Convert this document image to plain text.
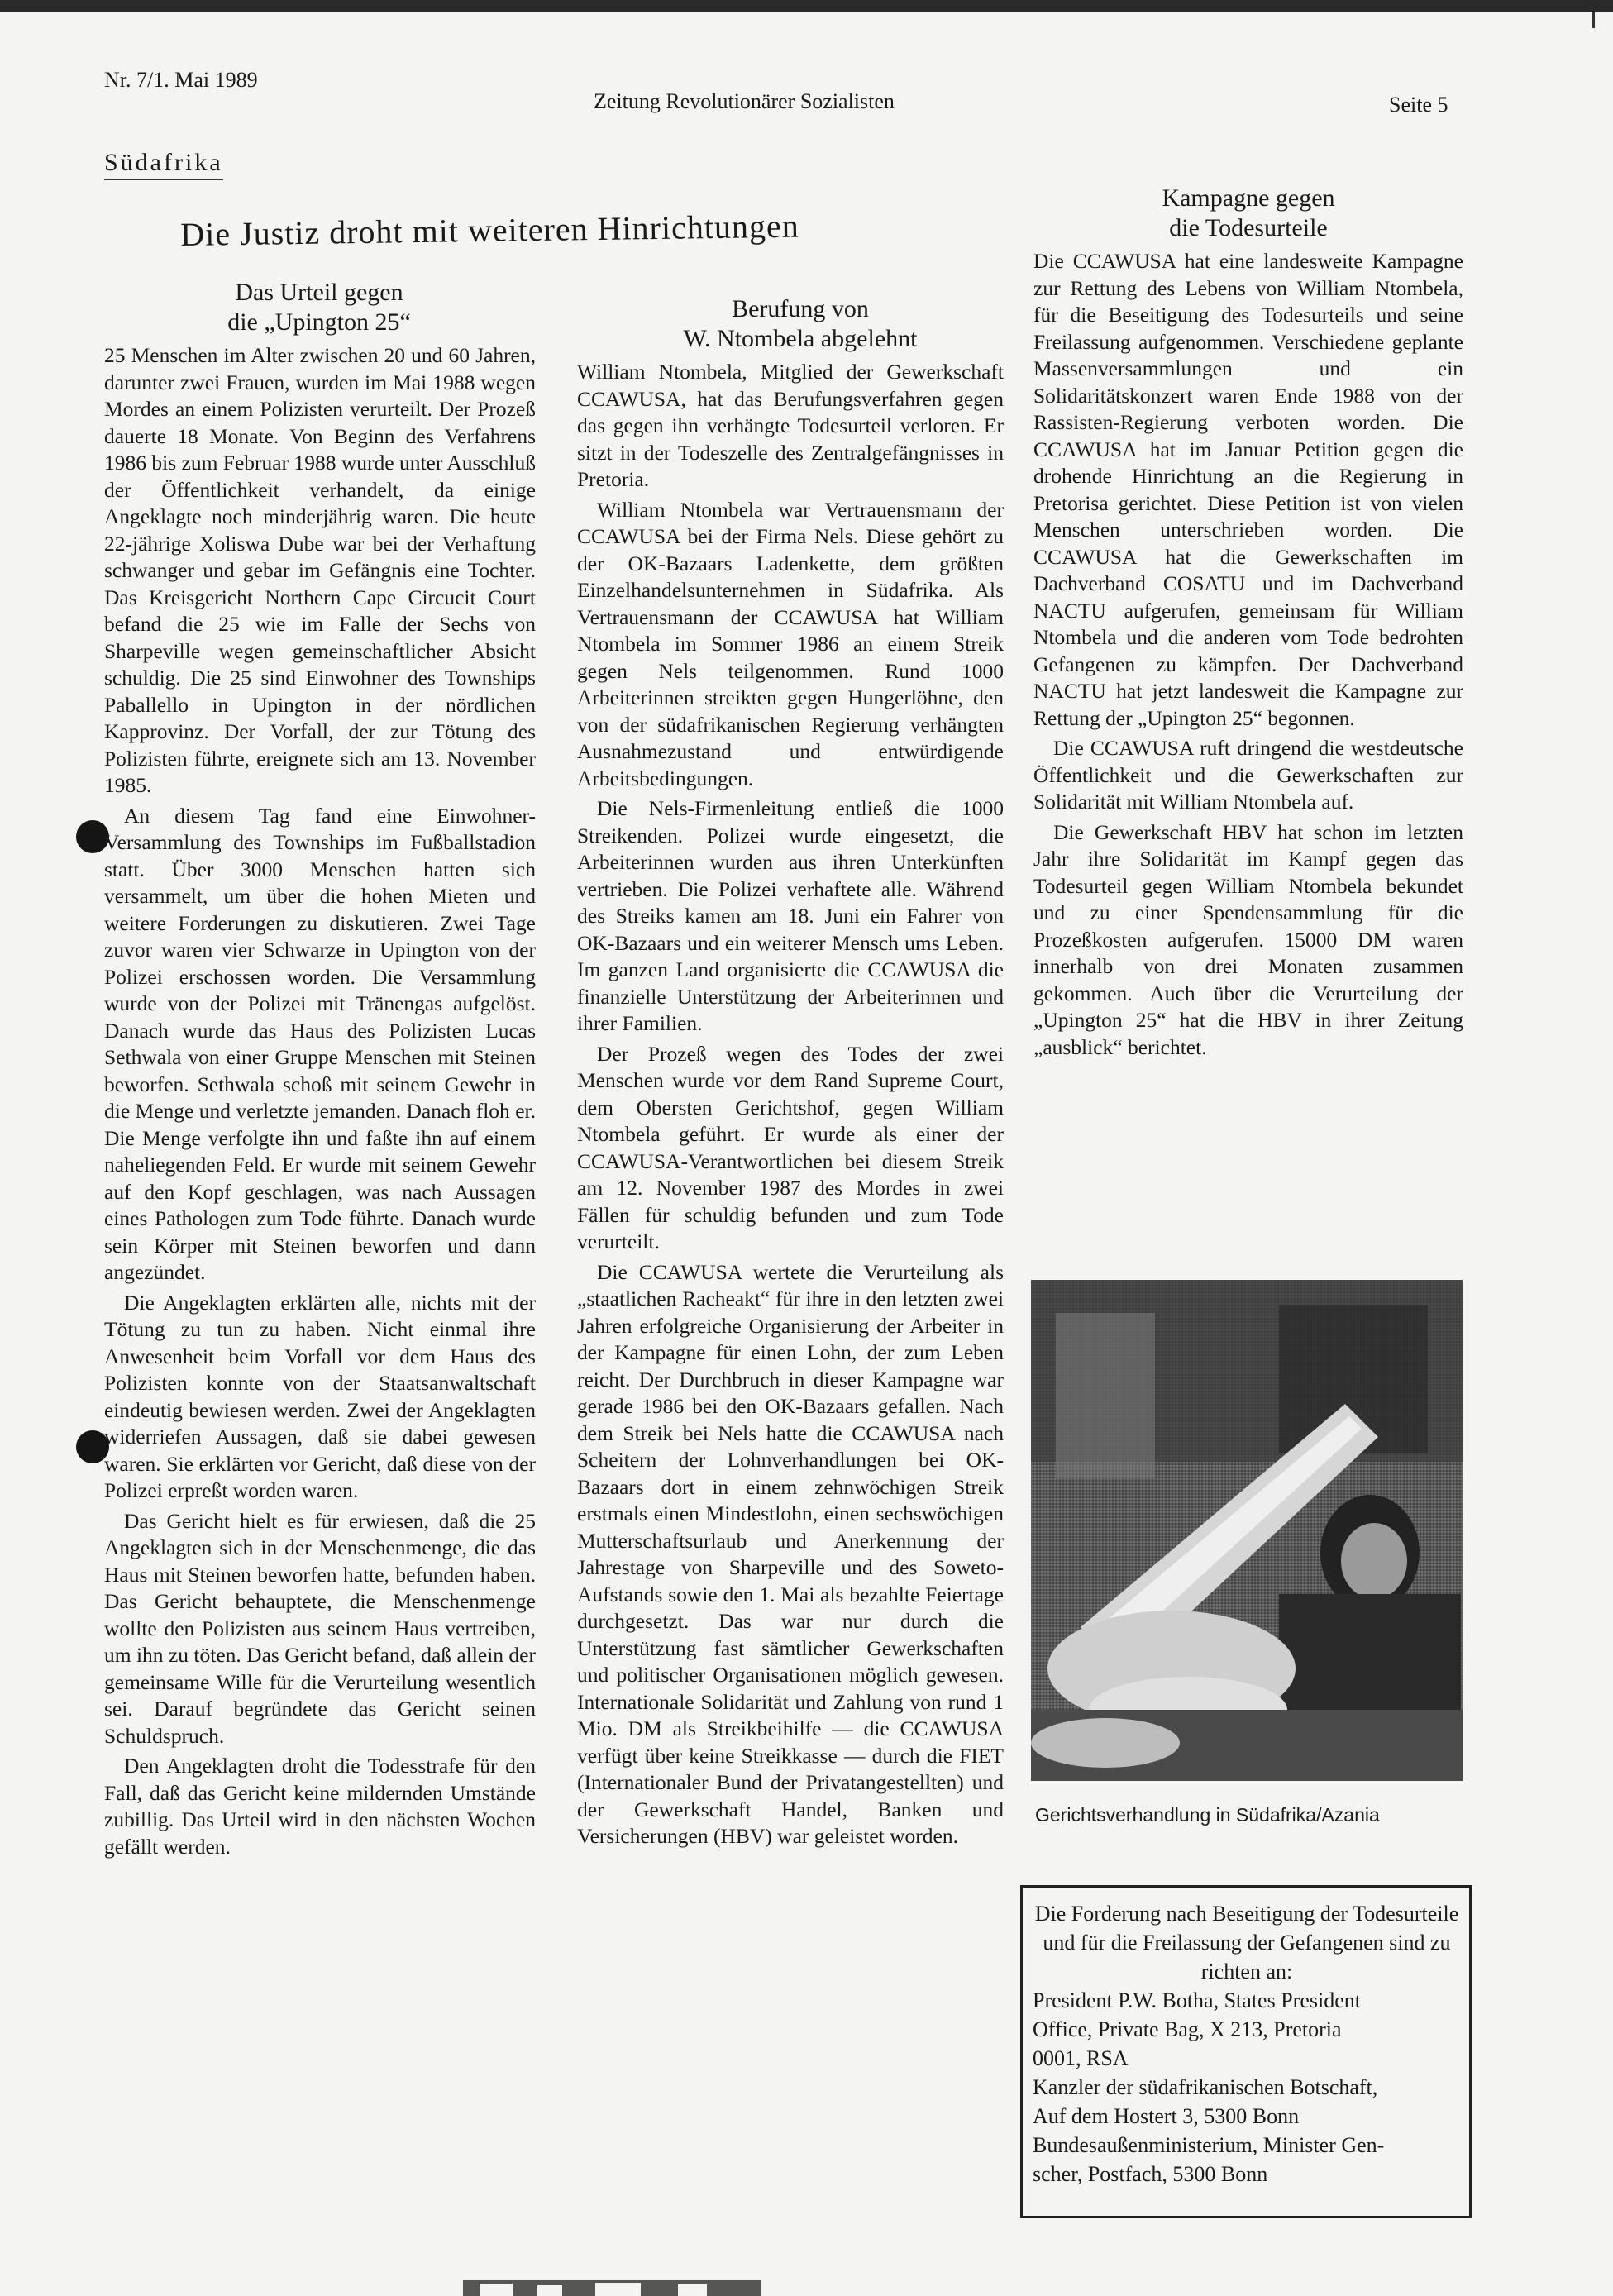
Nr. 7/1. Mai 1989
Zeitung Revolutionärer Sozialisten	Seite 5
Südafrika
Die Justiz droht mit weiteren Hinrichtungen
Das Urteil gegen
die „Upington 25“

25 Menschen im Alter zwischen 20 und 60 Jahren, darunter zwei Frauen, wurden im Mai 1988 wegen Mordes an einem Polizisten verurteilt. Der Prozeß dauerte 18 Monate. Von Beginn des Verfahrens 1986 bis zum Februar 1988 wurde unter Ausschluß der Öffentlichkeit verhandelt, da einige Angeklagte noch minderjährig waren. Die heute 22-jährige Xoliswa Dube war bei der Verhaftung schwanger und gebar im Gefängnis eine Tochter. Das Kreisgericht Northern Cape Circucit Court befand die 25 wie im Falle der Sechs von Sharpeville wegen gemeinschaftlicher Absicht schuldig. Die 25 sind Einwohner des Townships Paballello in Upington in der nördlichen Kapprovinz. Der Vorfall, der zur Tötung des Polizisten führte, ereignete sich am 13. November 1985.

An diesem Tag fand eine Einwohner-Versammlung des Townships im Fußballstadion statt. Über 3000 Menschen hatten sich versammelt, um über die hohen Mieten und weitere Forderungen zu diskutieren. Zwei Tage zuvor waren vier Schwarze in Upington von der Polizei erschossen worden. Die Versammlung wurde von der Polizei mit Tränengas aufgelöst. Danach wurde das Haus des Polizisten Lucas Sethwala von einer Gruppe Menschen mit Steinen beworfen. Sethwala schoß mit seinem Gewehr in die Menge und verletzte jemanden. Danach floh er. Die Menge verfolgte ihn und faßte ihn auf einem naheliegenden Feld. Er wurde mit seinem Gewehr auf den Kopf geschlagen, was nach Aussagen eines Pathologen zum Tode führte. Danach wurde sein Körper mit Steinen beworfen und dann angezündet.

Die Angeklagten erklärten alle, nichts mit der Tötung zu tun zu haben. Nicht einmal ihre Anwesenheit beim Vorfall vor dem Haus des Polizisten konnte von der Staatsanwaltschaft eindeutig bewiesen werden. Zwei der Angeklagten widerriefen Aussagen, daß sie dabei gewesen waren. Sie erklärten vor Gericht, daß diese von der Polizei erpreßt worden waren.

Das Gericht hielt es für erwiesen, daß die 25 Angeklagten sich in der Menschenmenge, die das Haus mit Steinen beworfen hatte, befunden haben. Das Gericht behauptete, die Menschenmenge wollte den Polizisten aus seinem Haus vertreiben, um ihn zu töten. Das Gericht befand, daß allein der gemeinsame Wille für die Verurteilung wesentlich sei. Darauf begründete das Gericht seinen Schuldspruch.

Den Angeklagten droht die Todesstrafe für den Fall, daß das Gericht keine mildernden Umstände zubillig. Das Urteil wird in den nächsten Wochen gefällt werden.

Berufung von
W. Ntombela abgelehnt

William Ntombela, Mitglied der Gewerkschaft CCAWUSA, hat das Berufungsverfahren gegen das gegen ihn verhängte Todesurteil verloren. Er sitzt in der Todeszelle des Zentralgefängnisses in Pretoria.

William Ntombela war Vertrauensmann der CCAWUSA bei der Firma Nels. Diese gehört zu der OK-Bazaars Ladenkette, dem größten Einzelhandelsunternehmen in Südafrika. Als Vertrauensmann der CCAWUSA hat William Ntombela im Sommer 1986 an einem Streik gegen Nels teilgenommen. Rund 1000 Arbeiterinnen streikten gegen Hungerlöhne, den von der südafrikanischen Regierung verhängten Ausnahmezustand und entwürdigende Arbeitsbedingungen.

Die Nels-Firmenleitung entließ die 1000 Streikenden. Polizei wurde eingesetzt, die Arbeiterinnen wurden aus ihren Unterkünften vertrieben. Die Polizei verhaftete alle. Während des Streiks kamen am 18. Juni ein Fahrer von OK-Bazaars und ein weiterer Mensch ums Leben. Im ganzen Land organisierte die CCAWUSA die finanzielle Unterstützung der Arbeiterinnen und ihrer Familien.

Der Prozeß wegen des Todes der zwei Menschen wurde vor dem Rand Supreme Court, dem Obersten Gerichtshof, gegen William Ntombela geführt. Er wurde als einer der CCAWUSA-Verantwortlichen bei diesem Streik am 12. November 1987 des Mordes in zwei Fällen für schuldig befunden und zum Tode verurteilt.

Die CCAWUSA wertete die Verurteilung als „staatlichen Racheakt“ für ihre in den letzten zwei Jahren erfolgreiche Organisierung der Arbeiter in der Kampagne für einen Lohn, der zum Leben reicht. Der Durchbruch in dieser Kampagne war gerade 1986 bei den OK-Bazaars gefallen. Nach dem Streik bei Nels hatte die CCAWUSA nach Scheitern der Lohnverhandlungen bei OK-Bazaars dort in einem zehnwöchigen Streik erstmals einen Mindestlohn, einen sechswöchigen Mutterschaftsurlaub und Anerkennung der Jahrestage von Sharpeville und des Soweto-Aufstands sowie den 1. Mai als bezahlte Feiertage durchgesetzt. Das war nur durch die Unterstützung fast sämtlicher Gewerkschaften und politischer Organisationen möglich gewesen. Internationale Solidarität und Zahlung von rund 1 Mio. DM als Streikbeihilfe — die CCAWUSA verfügt über keine Streikkasse — durch die FIET (Internationaler Bund der Privatangestellten) und der Gewerkschaft Handel, Banken und Versicherungen (HBV) war geleistet worden.

Kampagne gegen
die Todesurteile

Die CCAWUSA hat eine landesweite Kampagne zur Rettung des Lebens von William Ntombela, für die Beseitigung des Todesurteils und seine Freilassung aufgenommen. Verschiedene geplante Massenversammlungen und ein Solidaritätskonzert waren Ende 1988 von der Rassisten-Regierung verboten worden. Die CCAWUSA hat im Januar Petition gegen die drohende Hinrichtung an die Regierung in Pretorisa gerichtet. Diese Petition ist von vielen Menschen unterschrieben worden. Die CCAWUSA hat die Gewerkschaften im Dachverband COSATU und im Dachverband NACTU aufgerufen, gemeinsam für William Ntombela und die anderen vom Tode bedrohten Gefangenen zu kämpfen. Der Dachverband NACTU hat jetzt landesweit die Kampagne zur Rettung der „Upington 25“ begonnen.

Die CCAWUSA ruft dringend die westdeutsche Öffentlichkeit und die Gewerkschaften zur Solidarität mit William Ntombela auf.

Die Gewerkschaft HBV hat schon im letzten Jahr ihre Solidarität im Kampf gegen das Todesurteil gegen William Ntombela bekundet und zu einer Spendensammlung für die Prozeßkosten aufgerufen. 15000 DM waren innerhalb von drei Monaten zusammen gekommen. Auch über die Verurteilung der „Upington 25“ hat die HBV in ihrer Zeitung „ausblick“ berichtet.

Gerichtsverhandlung in Südafrika/Azania
Die Forderung nach Beseitigung der Todesurteile und für die Freilassung der Gefangenen sind zu richten an:
President P.W. Botha, States President
Office, Private Bag, X 213, Pretoria
0001, RSA
Kanzler der südafrikanischen Botschaft,
Auf dem Hostert 3, 5300 Bonn
Bundesaußenministerium, Minister Gen-
scher, Postfach, 5300 Bonn
